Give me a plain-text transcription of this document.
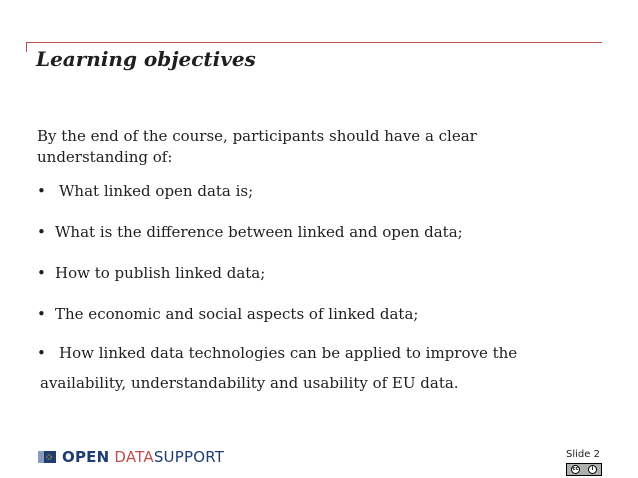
Learning objectives
By the end of the course, participants should have a clear understanding of:
• What linked open data is;
• What is the difference between linked and open data;
• How to publish linked data;
• The economic and social aspects of linked data;
• How linked data technologies can be applied to improve the
availability, understandability and usability of EU data.
OPEN DATASUPPORT	Slide 2
cc	i
